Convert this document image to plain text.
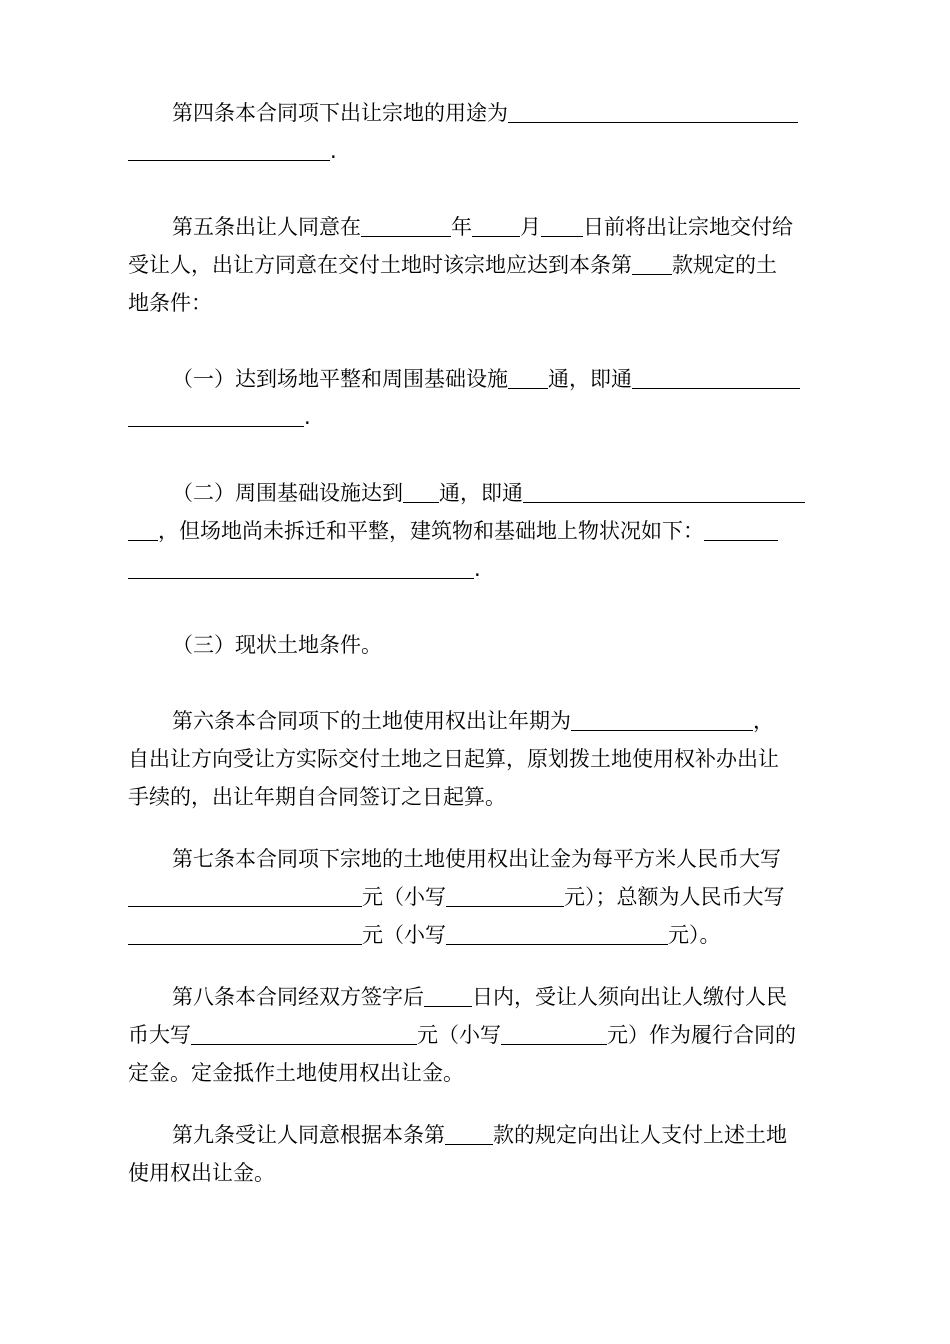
第四条本合同项下出让宗地的用途为
.
第五条出让人同意在	年 月 日前将出让宗地交付给
受让人，出让方同意在交付土地时该宗地应达到本条第 款规定的土
地条件：
（一）达到场地平整和周围基础设施 通，即通
.
（二）周围基础设施达到 通，即通
，但场地尚未拆迁和平整，建筑物和基础地上物状况如下：
.
（三）现状土地条件。
第六条本合同项下的土地使用权出让年期为	，
自出让方向受让方实际交付土地之日起算，原划拨土地使用权补办出让
手续的，出让年期自合同签订之日起算。
第七条本合同项下宗地的土地使用权出让金为每平方米人民币大写
元（小写	元）；总额为人民币大写
元（小写	元）。
第八条本合同经双方签字后 日内，受让人须向出让人缴付人民
币大写	元（小写	元）作为履行合同的
定金。定金抵作土地使用权出让金。
第九条受让人同意根据本条第 款的规定向出让人支付上述土地
使用权出让金。
